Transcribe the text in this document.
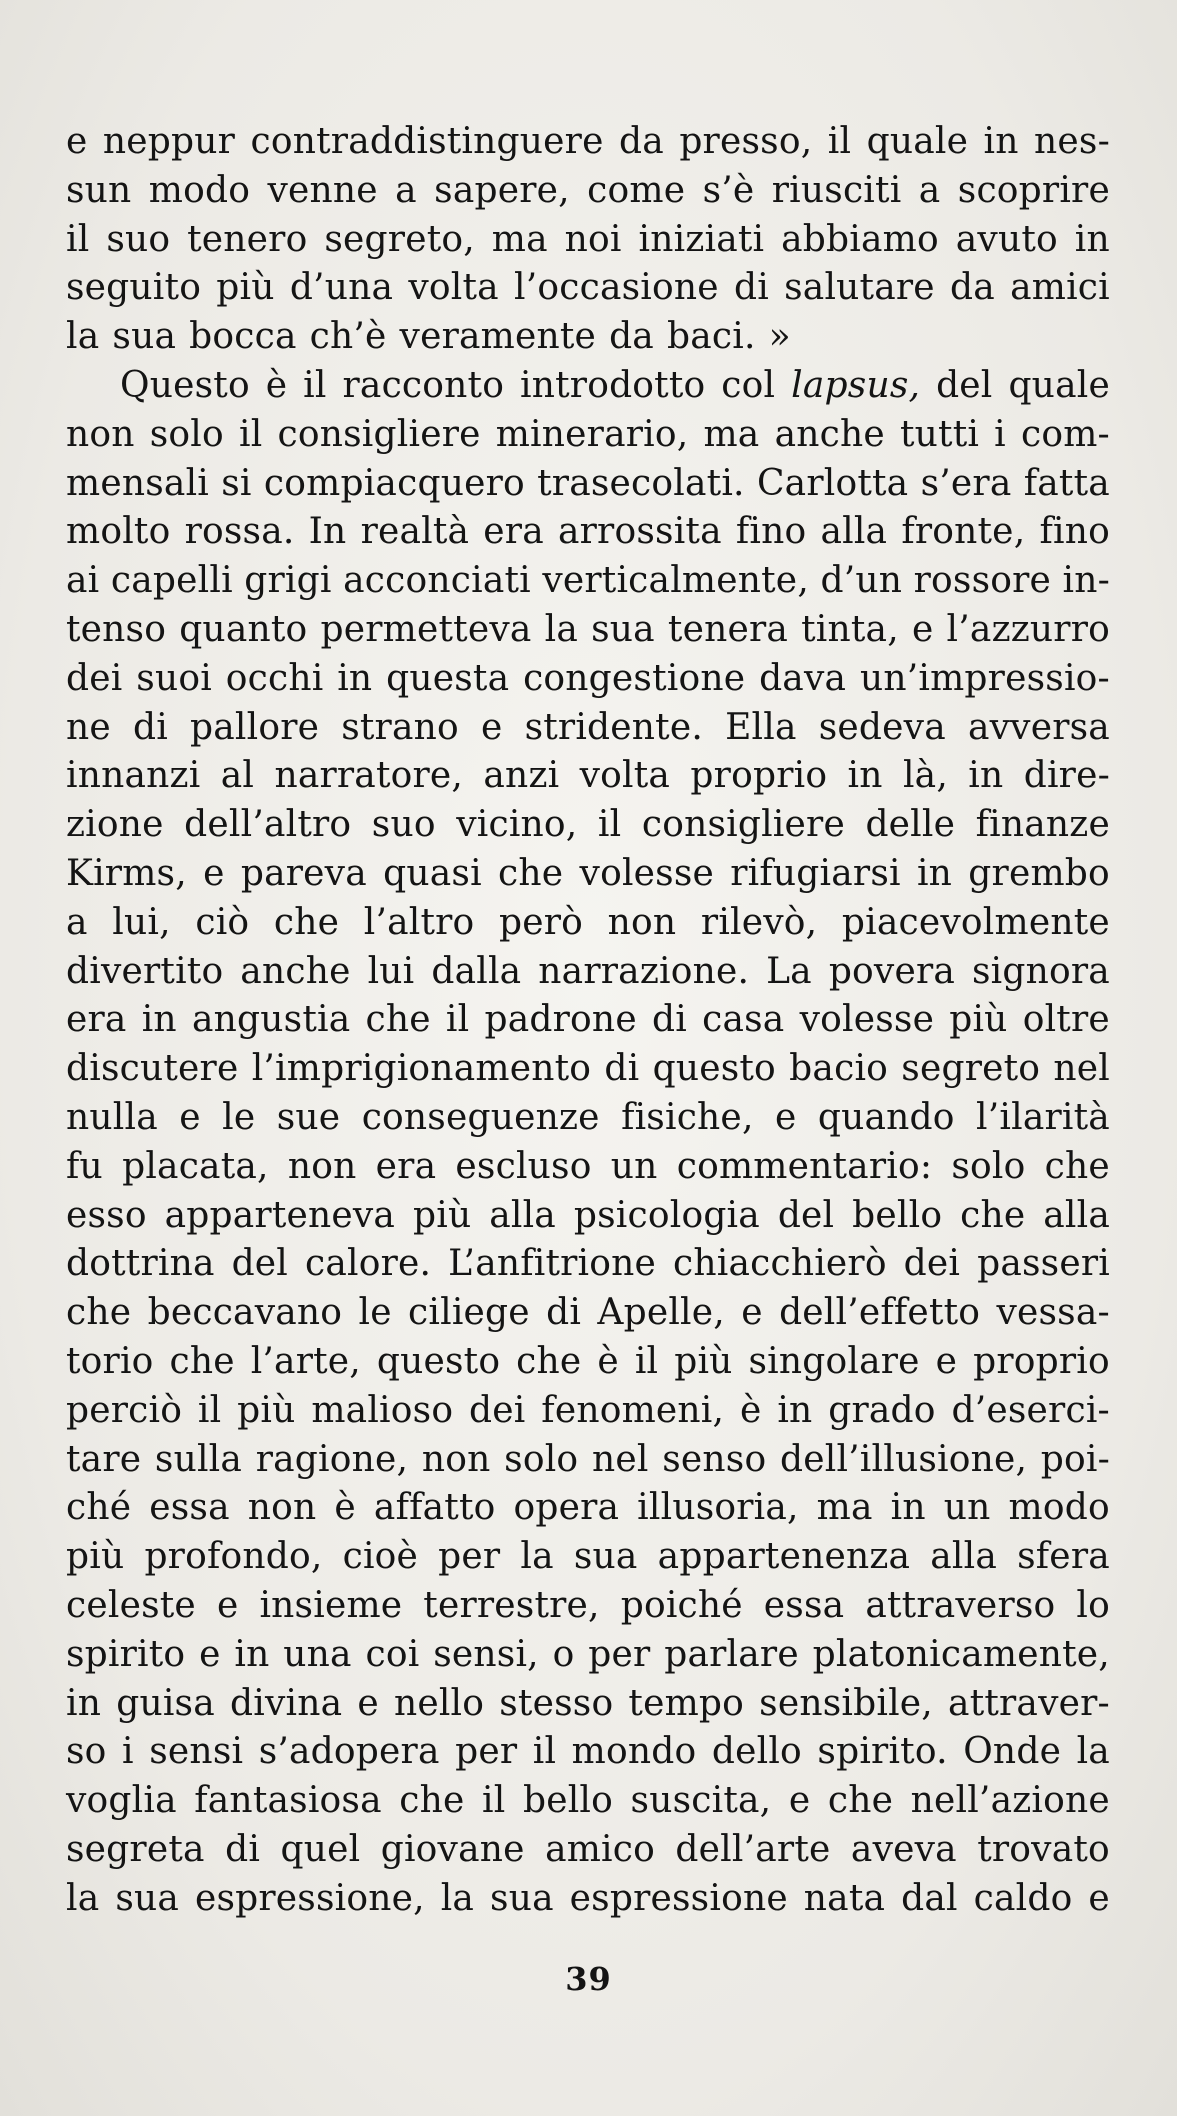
e neppur contraddistinguere da presso, il quale in nes-
sun modo venne a sapere, come s’è riusciti a scoprire
il suo tenero segreto, ma noi iniziati abbiamo avuto in
seguito più d’una volta l’occasione di salutare da amici
la sua bocca ch’è veramente da baci. »
Questo è il racconto introdotto col lapsus, del quale
non solo il consigliere minerario, ma anche tutti i com-
mensali si compiacquero trasecolati. Carlotta s’era fatta
molto rossa. In realtà era arrossita fino alla fronte, fino
ai capelli grigi acconciati verticalmente, d’un rossore in-
tenso quanto permetteva la sua tenera tinta, e l’azzurro
dei suoi occhi in questa congestione dava un’impressio-
ne di pallore strano e stridente. Ella sedeva avversa
innanzi al narratore, anzi volta proprio in là, in dire-
zione dell’altro suo vicino, il consigliere delle finanze
Kirms, e pareva quasi che volesse rifugiarsi in grembo
a lui, ciò che l’altro però non rilevò, piacevolmente
divertito anche lui dalla narrazione. La povera signora
era in angustia che il padrone di casa volesse più oltre
discutere l’imprigionamento di questo bacio segreto nel
nulla e le sue conseguenze fisiche, e quando l’ilarità
fu placata, non era escluso un commentario: solo che
esso apparteneva più alla psicologia del bello che alla
dottrina del calore. L’anfitrione chiacchierò dei passeri
che beccavano le ciliege di Apelle, e dell’effetto vessa-
torio che l’arte, questo che è il più singolare e proprio
perciò il più malioso dei fenomeni, è in grado d’eserci-
tare sulla ragione, non solo nel senso dell’illusione, poi-
ché essa non è affatto opera illusoria, ma in un modo
più profondo, cioè per la sua appartenenza alla sfera
celeste e insieme terrestre, poiché essa attraverso lo
spirito e in una coi sensi, o per parlare platonicamente,
in guisa divina e nello stesso tempo sensibile, attraver-
so i sensi s’adopera per il mondo dello spirito. Onde la
voglia fantasiosa che il bello suscita, e che nell’azione
segreta di quel giovane amico dell’arte aveva trovato
la sua espressione, la sua espressione nata dal caldo e
39
